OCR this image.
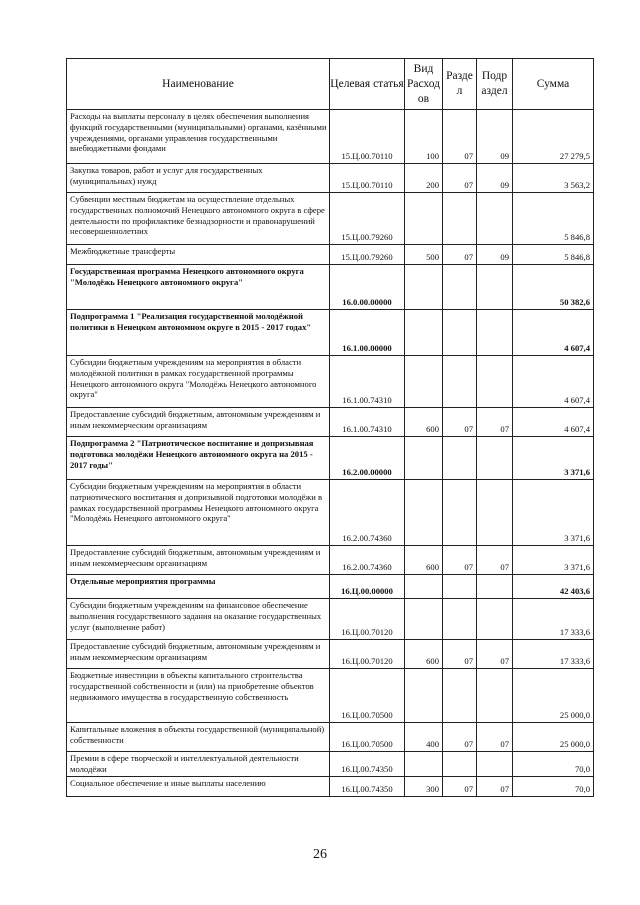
Наименование	Целевая статья	Вид Расход ов	Разде л	Подр аздел	Сумма
Расходы на выплаты персоналу в целях обеспечения выполнения функций государственными (муниципальными) органами, казёнными учреждениями, органами управления государственными внебюджетными фондами	15.Ц.00.70110	100	07	09	27 279,5
Закупка товаров, работ и услуг для государственных (муниципальных) нужд	15.Ц.00.70110	200	07	09	3 563,2
Субвенции местным бюджетам на осуществление отдельных государственных полномочий Ненецкого автономного округа в сфере деятельности по профилактике безнадзорности и правонарушений несовершеннолетних	15.Ц.00.79260				5 846,8
Межбюджетные трансферты	15.Ц.00.79260	500	07	09	5 846,8
Государственная программа Ненецкого автономного округа "Молодёжь Ненецкого автономного округа"	16.0.00.00000				50 382,6
Подпрограмма 1 "Реализация государственной молодёжной политики в Ненецком автономном округе в 2015 - 2017 годах"	16.1.00.00000				4 607,4
Субсидии бюджетным учреждениям на мероприятия в области молодёжной политики в рамках государственной программы Ненецкого автономного округа "Молодёжь Ненецкого автономного округа"	16.1.00.74310				4 607,4
Предоставление субсидий бюджетным, автономным учреждениям и иным некоммерческим организациям	16.1.00.74310	600	07	07	4 607,4
Подпрограмма 2 "Патриотическое воспитание и допризывная подготовка молодёжи Ненецкого автономного округа на 2015 - 2017 годы"	16.2.00.00000				3 371,6
Субсидии бюджетным учреждениям на мероприятия в области патриотического воспитания и допризывной подготовки молодёжи в рамках государственной программы Ненецкого автономного округа "Молодёжь Ненецкого автономного округа"	16.2.00.74360				3 371,6
Предоставление субсидий бюджетным, автономным учреждениям и иным некоммерческим организациям	16.2.00.74360	600	07	07	3 371,6
Отдельные мероприятия программы	16.Ц.00.00000				42 403,6
Субсидии бюджетным учреждениям на финансовое обеспечение выполнения государственного задания на оказание государственных услуг (выполнение работ)	16.Ц.00.70120				17 333,6
Предоставление субсидий бюджетным, автономным учреждениям и иным некоммерческим организациям	16.Ц.00.70120	600	07	07	17 333,6
Бюджетные инвестиции в объекты капитального строительства государственной собственности и (или) на приобретение объектов недвижимого имущества в государственную собственность	16.Ц.00.70500				25 000,0
Капитальные вложения в объекты государственной (муниципальной) собственности	16.Ц.00.70500	400	07	07	25 000,0
Премии в сфере творческой и интеллектуальной деятельности молодёжи	16.Ц.00.74350				70,0
Социальное обеспечение и иные выплаты населению	16.Ц.00.74350	300	07	07	70,0
26
